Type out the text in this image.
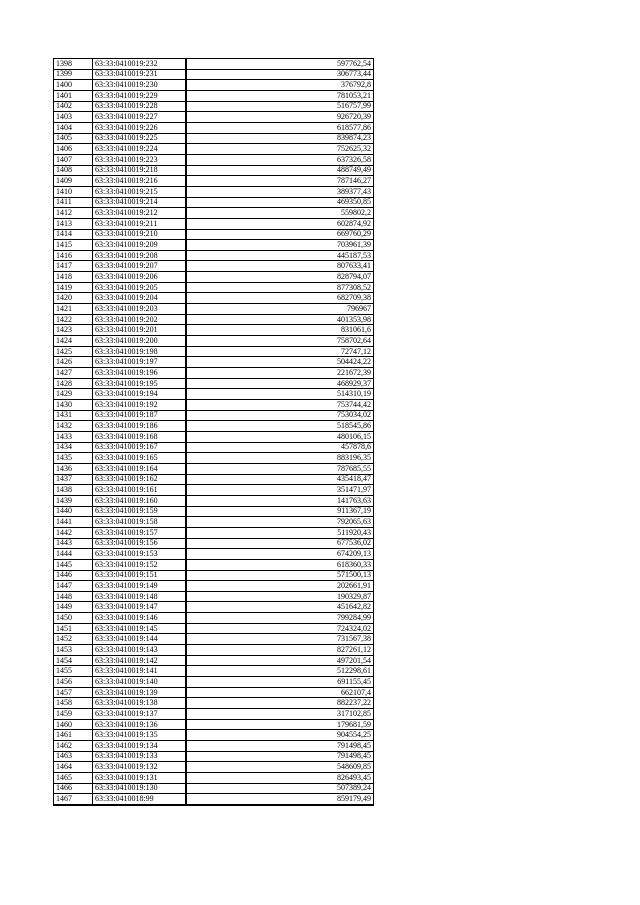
1398	63:33:0410019:232	597762,54
1399	63:33:0410019:231	306773,44
1400	63:33:0410019:230	376792,8
1401	63:33:0410019:229	781053,21
1402	63:33:0410019:228	516757,99
1403	63:33:0410019:227	926720,39
1404	63:33:0410019:226	618577,86
1405	63:33:0410019:225	839874,23
1406	63:33:0410019:224	752625,32
1407	63:33:0410019:223	637326,58
1408	63:33:0410019:218	488749,49
1409	63:33:0410019:216	787146,27
1410	63:33:0410019:215	389377,43
1411	63:33:0410019:214	469350,85
1412	63:33:0410019:212	559802,2
1413	63:33:0410019:211	602874,92
1414	63:33:0410019:210	669760,29
1415	63:33:0410019:209	703961,39
1416	63:33:0410019:208	445187,53
1417	63:33:0410019:207	807633,41
1418	63:33:0410019:206	828794,07
1419	63:33:0410019:205	877308,52
1420	63:33:0410019:204	682709,38
1421	63:33:0410019:203	796967
1422	63:33:0410019:202	401353,98
1423	63:33:0410019:201	831061,6
1424	63:33:0410019:200	758702,64
1425	63:33:0410019:198	72747,12
1426	63:33:0410019:197	504424,22
1427	63:33:0410019:196	221672,39
1428	63:33:0410019:195	468929,37
1429	63:33:0410019:194	514310,19
1430	63:33:0410019:192	753744,42
1431	63:33:0410019:187	753034,02
1432	63:33:0410019:186	518545,86
1433	63:33:0410019:168	480106,15
1434	63:33:0410019:167	457878,6
1435	63:33:0410019:165	883196,35
1436	63:33:0410019:164	787685,55
1437	63:33:0410019:162	435418,47
1438	63:33:0410019:161	351471,97
1439	63:33:0410019:160	141763,63
1440	63:33:0410019:159	911367,19
1441	63:33:0410019:158	792065,63
1442	63:33:0410019:157	511920,43
1443	63:33:0410019:156	677536,02
1444	63:33:0410019:153	674209,13
1445	63:33:0410019:152	618360,33
1446	63:33:0410019:151	571500,13
1447	63:33:0410019:149	202661,91
1448	63:33:0410019:148	190329,87
1449	63:33:0410019:147	451642,82
1450	63:33:0410019:146	799284,99
1451	63:33:0410019:145	724324,02
1452	63:33:0410019:144	731567,38
1453	63:33:0410019:143	827261,12
1454	63:33:0410019:142	497201,54
1455	63:33:0410019:141	512298,61
1456	63:33:0410019:140	691155,45
1457	63:33:0410019:139	662107,4
1458	63:33:0410019:138	882237,22
1459	63:33:0410019:137	317102,85
1460	63:33:0410019:136	179681,59
1461	63:33:0410019:135	904554,25
1462	63:33:0410019:134	791498,45
1463	63:33:0410019:133	791498,45
1464	63:33:0410019:132	548609,85
1465	63:33:0410019:131	826493,45
1466	63:33:0410019:130	507389,24
1467	63:33:0410018:99	859179,49
